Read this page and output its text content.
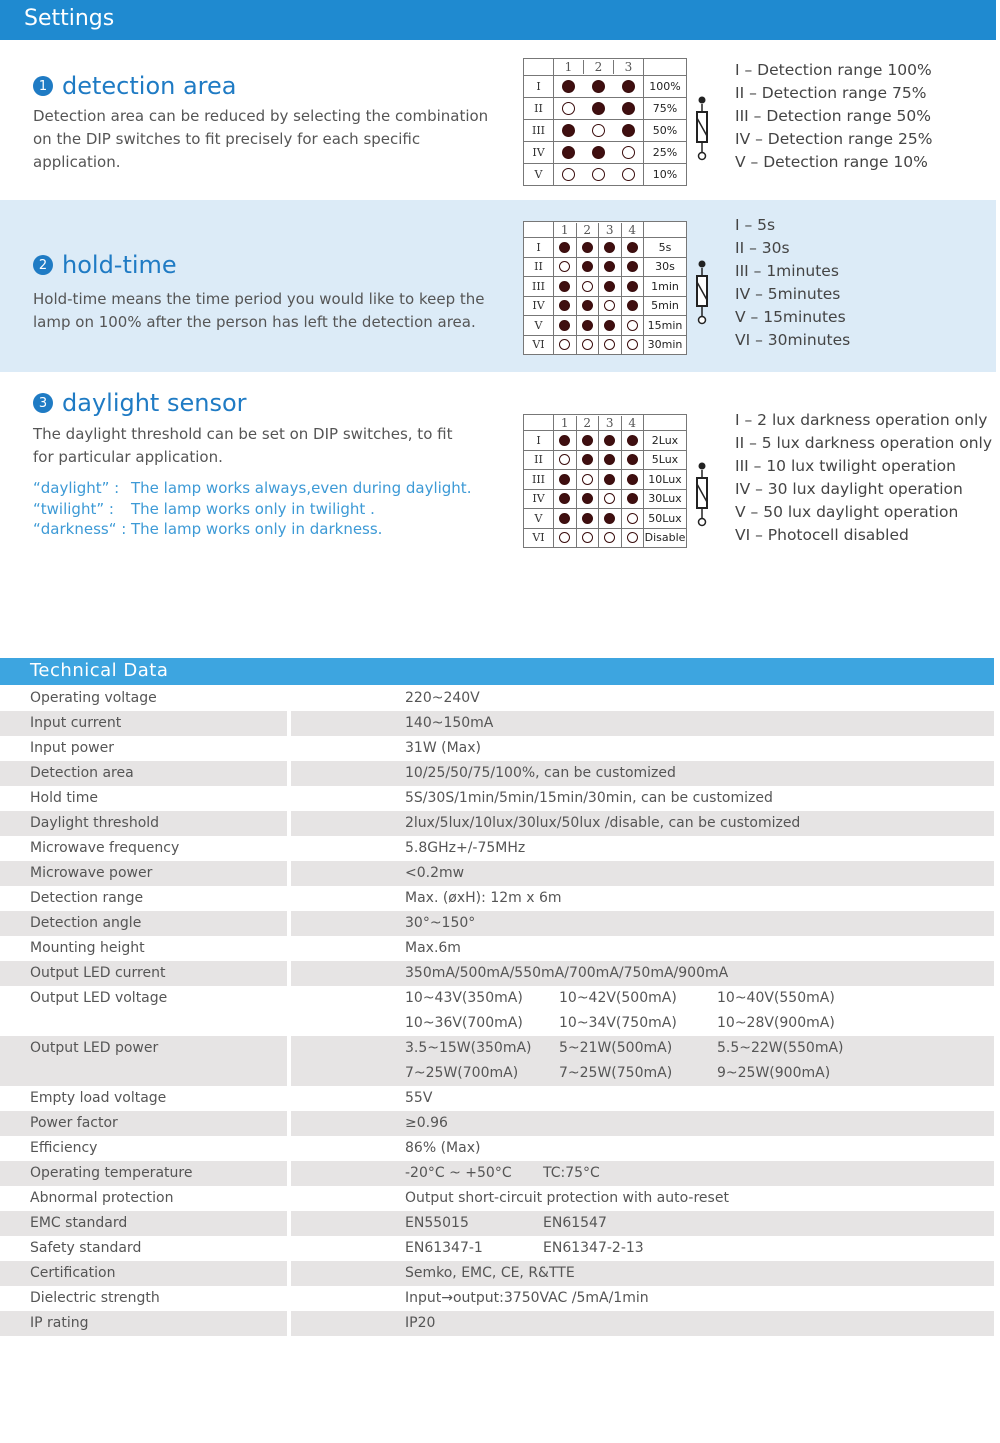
Settings
1 detection area
Detection area can be reduced by selecting the combination on the DIP switches to fit precisely for each specific application.

	1 2 3	

I		100%
II		75%
III		50%
IV		25%
V		10%
I – Detection range 100%
II – Detection range 75%
III – Detection range 50%
IV – Detection range 25%
V – Detection range 10%
2 hold-time
Hold-time means the time period you would like to keep the lamp on 100% after the person has left the detection area.

	1 2 3 4	

I		5s
II		30s
III		1min
IV		5min
V		15min
VI		30min
I – 5s
II – 30s
III – 1minutes
IV – 5minutes
V – 15minutes
VI – 30minutes
3 daylight sensor
The daylight threshold can be set on DIP switches, to fit for particular application.

	1 2 3 4	

I		2Lux
II		5Lux
III		10Lux
IV		30Lux
V		50Lux
VI		Disable
I – 2 lux darkness operation only
II – 5 lux darkness operation only
III – 10 lux twilight operation
IV – 30 lux daylight operation
V – 50 lux daylight operation
VI – Photocell disabled
“daylight” : The lamp works always,even during daylight.
“twilight” :	The lamp works only in twilight .
“darkness“ : The lamp works only in darkness.
Technical Data
Operating voltage	220~240V
Input current	140~150mA
Input power	31W (Max)
Detection area	10/25/50/75/100%, can be customized
Hold time	5S/30S/1min/5min/15min/30min, can be customized
Daylight threshold	2lux/5lux/10lux/30lux/50lux /disable, can be customized
Microwave frequency	5.8GHz+/-75MHz
Microwave power	<0.2mw
Detection range	Max. (øxH): 12m x 6m
Detection angle	30°~150°
Mounting height	Max.6m
Output LED current	350mA/500mA/550mA/700mA/750mA/900mA
Output LED voltage	10~43V(350mA)	10~42V(500mA)	10~40V(550mA)
10~36V(700mA)	10~34V(750mA)	10~28V(900mA)
Output LED power	3.5~15W(350mA) 5~21W(500mA)	5.5~22W(550mA)
7~25W(700mA)	7~25W(750mA)	9~25W(900mA)
Empty load voltage	55V
Power factor	≥0.96
Efficiency	86% (Max)
Operating temperature	-20°C ~ +50°C TC:75°C
Abnormal protection	Output short-circuit protection with auto-reset
EMC standard	EN55015	EN61547
Safety standard	EN61347-1	EN61347-2-13
Certification	Semko, EMC, CE, R&TTE
Dielectric strength	Input→output:3750VAC /5mA/1min
IP rating	IP20
